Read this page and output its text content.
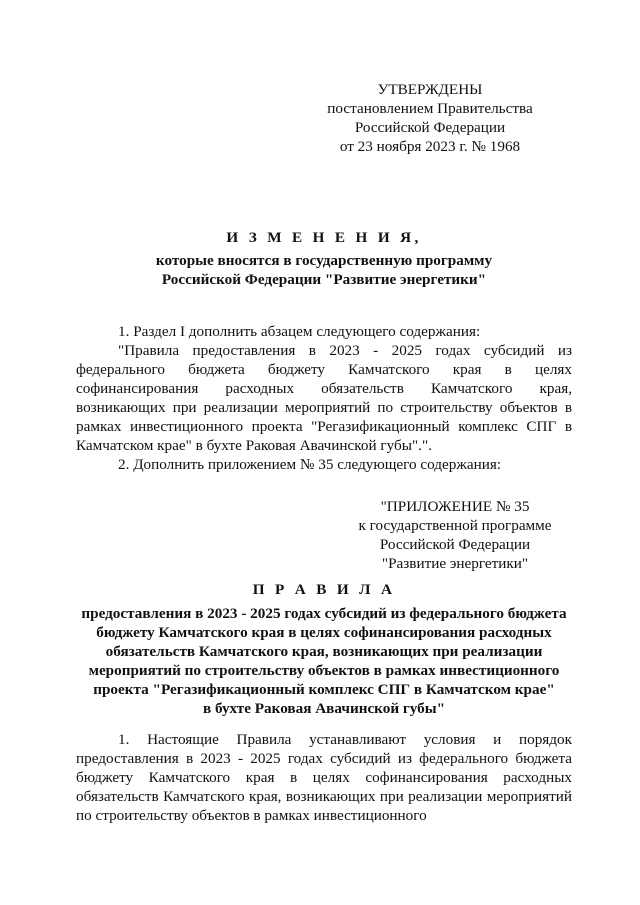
УТВЕРЖДЕНЫ
постановлением Правительства
Российской Федерации
от 23 ноября 2023 г. № 1968
И З М Е Н Е Н И Я,
которые вносятся в государственную программу
Российской Федерации "Развитие энергетики"

1. Раздел I дополнить абзацем следующего содержания:

"Правила предоставления в 2023 - 2025 годах субсидий из федерального бюджета бюджету Камчатского края в целях софинансирования расходных обязательств Камчатского края, возникающих при реализации мероприятий по строительству объектов в рамках инвестиционного проекта "Регазификационный комплекс СПГ в Камчатском крае" в бухте Раковая Авачинской губы".".

2. Дополнить приложением № 35 следующего содержания:

"ПРИЛОЖЕНИЕ № 35
к государственной программе
Российской Федерации
"Развитие энергетики"
П Р А В И Л А
предоставления в 2023 - 2025 годах субсидий из федерального бюджета
бюджету Камчатского края в целях софинансирования расходных
обязательств Камчатского края, возникающих при реализации
мероприятий по строительству объектов в рамках инвестиционного
проекта "Регазификационный комплекс СПГ в Камчатском крае"
в бухте Раковая Авачинской губы"

1. Настоящие Правила устанавливают условия и порядок предоставления в 2023 - 2025 годах субсидий из федерального бюджета бюджету Камчатского края в целях софинансирования расходных обязательств Камчатского края, возникающих при реализации мероприятий по строительству объектов в рамках инвестиционного
